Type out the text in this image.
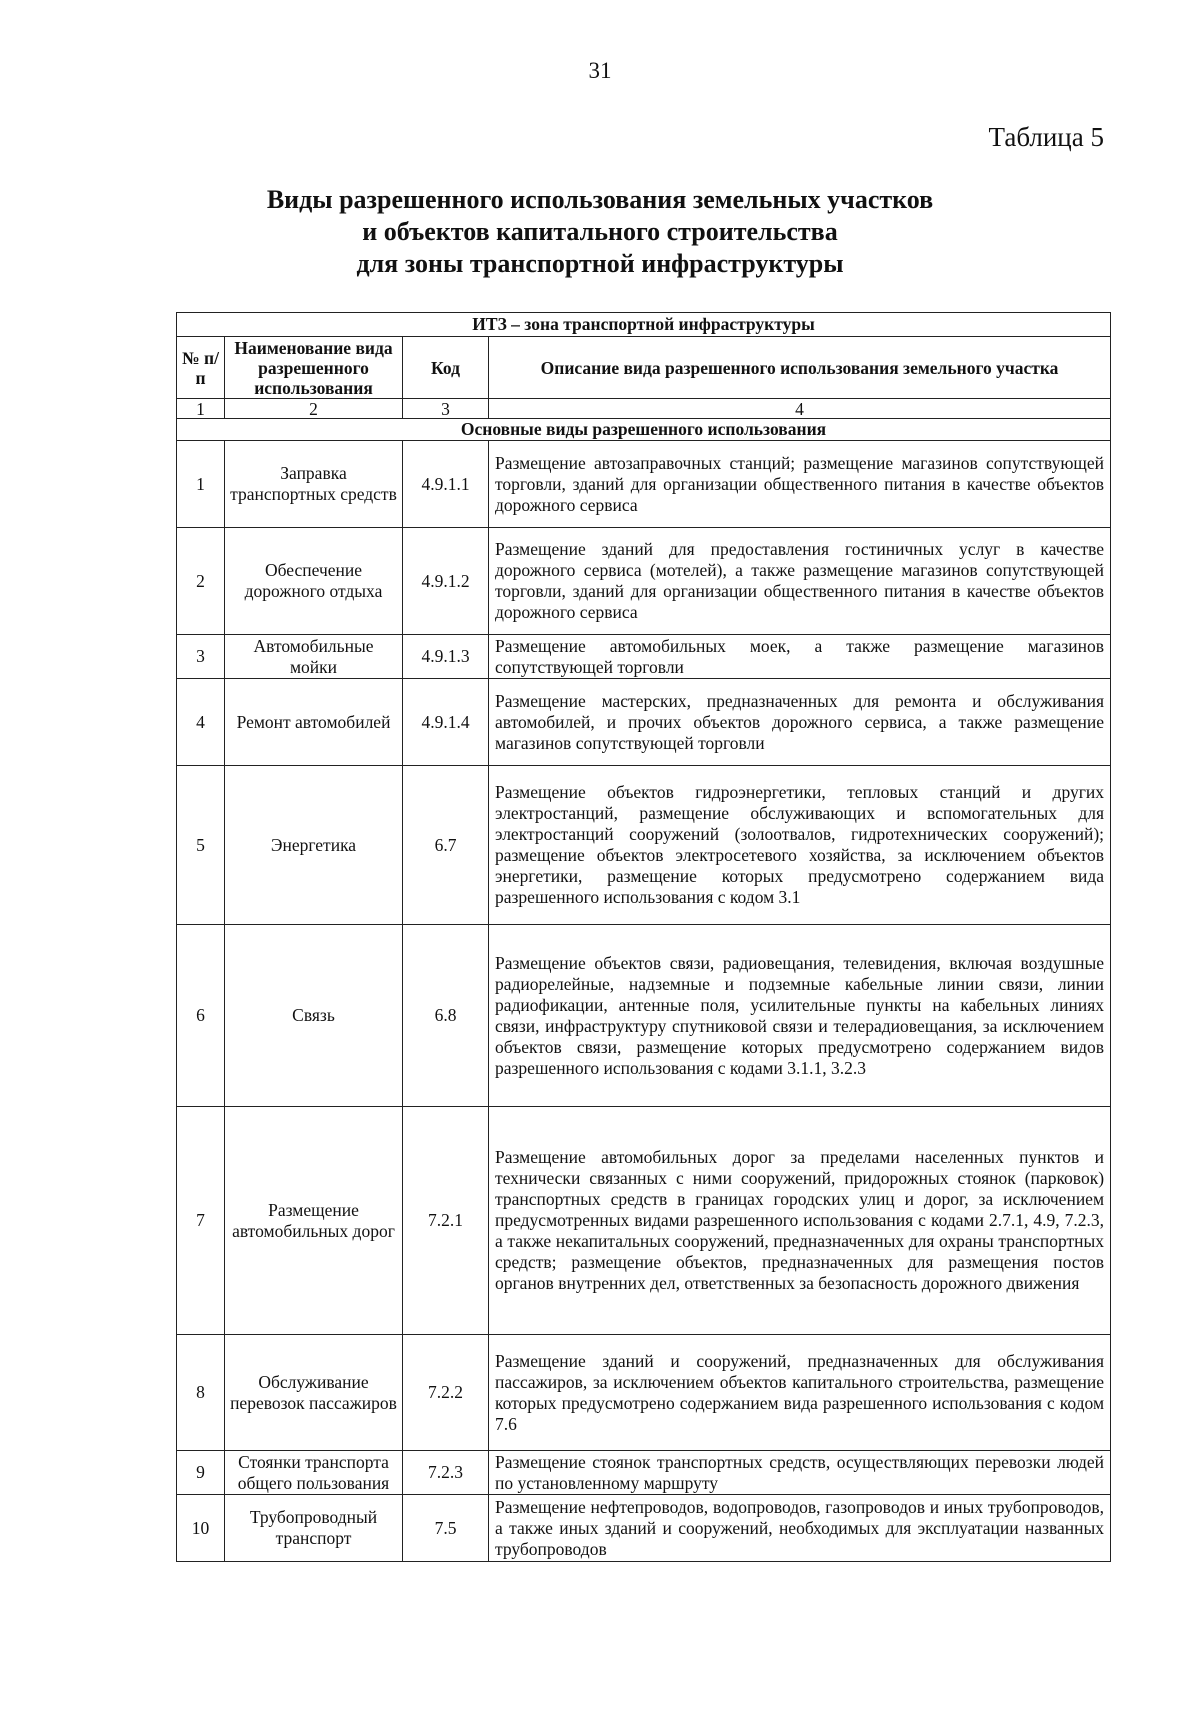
31
Таблица 5
Виды разрешенного использования земельных участков
и объектов капитального строительства
для зоны транспортной инфраструктуры
ИТЗ – зона транспортной инфраструктуры			
№ п/п	Наименование вида разрешенного использования	Код	Описание вида разрешенного использования земельного участка
1	2	3	4
Основные виды разрешенного использования			
1	Заправка транспортных средств	4.9.1.1	Размещение автозаправочных станций; размещение магазинов сопутствующей торговли, зданий для организации общественного питания в качестве объектов дорожного сервиса
2	Обеспечение дорожного отдыха	4.9.1.2	Размещение зданий для предоставления гостиничных услуг в качестве дорожного сервиса (мотелей), а также размещение магазинов сопутствующей торговли, зданий для организации общественного питания в качестве объектов дорожного сервиса
3	Автомобильные мойки	4.9.1.3	Размещение автомобильных моек, а также размещение магазинов сопутствующей торговли
4	Ремонт автомобилей	4.9.1.4	Размещение мастерских, предназначенных для ремонта и обслуживания автомобилей, и прочих объектов дорожного сервиса, а также размещение магазинов сопутствующей торговли
5	Энергетика	6.7	Размещение объектов гидроэнергетики, тепловых станций и других электростанций, размещение обслуживающих и вспомогательных для электростанций сооружений (золоотвалов, гидротехнических сооружений); размещение объектов электросетевого хозяйства, за исключением объектов энергетики, размещение которых предусмотрено содержанием вида разрешенного использования с кодом 3.1
6	Связь	6.8	Размещение объектов связи, радиовещания, телевидения, включая воздушные радиорелейные, надземные и подземные кабельные линии связи, линии радиофикации, антенные поля, усилительные пункты на кабельных линиях связи, инфраструктуру спутниковой связи и телерадиовещания, за исключением объектов связи, размещение которых предусмотрено содержанием видов разрешенного использования с кодами 3.1.1, 3.2.3
7	Размещение автомобильных дорог	7.2.1	Размещение автомобильных дорог за пределами населенных пунктов и технически связанных с ними сооружений, придорожных стоянок (парковок) транспортных средств в границах городских улиц и дорог, за исключением предусмотренных видами разрешенного использования с кодами 2.7.1, 4.9, 7.2.3, а также некапитальных сооружений, предназначенных для охраны транспортных средств; размещение объектов, предназначенных для размещения постов органов внутренних дел, ответственных за безопасность дорожного движения
8	Обслуживание перевозок пассажиров	7.2.2	Размещение зданий и сооружений, предназначенных для обслуживания пассажиров, за исключением объектов капитального строительства, размещение которых предусмотрено содержанием вида разрешенного использования с кодом 7.6
9	Стоянки транспорта общего пользования	7.2.3	Размещение стоянок транспортных средств, осуществляющих перевозки людей по установленному маршруту
10	Трубопроводный транспорт	7.5	Размещение нефтепроводов, водопроводов, газопроводов и иных трубопроводов, а также иных зданий и сооружений, необходимых для эксплуатации названных трубопроводов
